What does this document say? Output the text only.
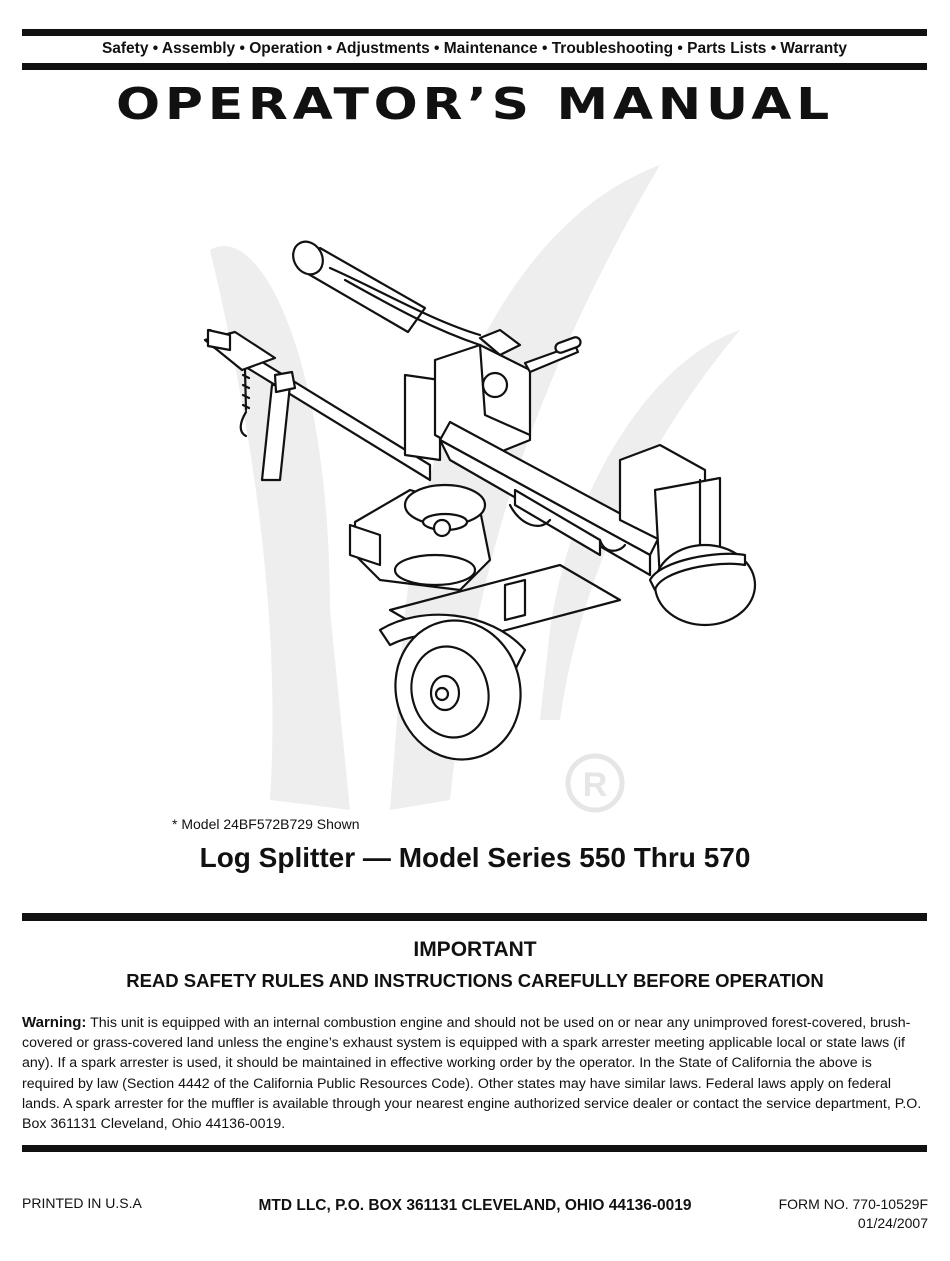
Safety • Assembly • Operation • Adjustments • Maintenance • Troubleshooting • Parts Lists • Warranty
OPERATOR’S MANUAL
R
* Model 24BF572B729 Shown
Log Splitter — Model Series 550 Thru 570
IMPORTANT
READ SAFETY RULES AND INSTRUCTIONS CAREFULLY BEFORE OPERATION
Warning: This unit is equipped with an internal combustion engine and should not be used on or near any unimproved forest-covered, brush-covered or grass-covered land unless the engine’s exhaust system is equipped with a spark arrester meeting applicable local or state laws (if any). If a spark arrester is used, it should be maintained in effective working order by the operator. In the State of California the above is required by law (Section 4442 of the California Public Resources Code). Other states may have similar laws. Federal laws apply on federal lands. A spark arrester for the muffler is available through your nearest engine authorized service dealer or contact the service department, P.O. Box 361131 Cleveland, Ohio 44136-0019.
PRINTED IN U.S.A	MTD LLC, P.O. BOX 361131 CLEVELAND, OHIO 44136-0019	FORM NO. 770-10529F
01/24/2007
